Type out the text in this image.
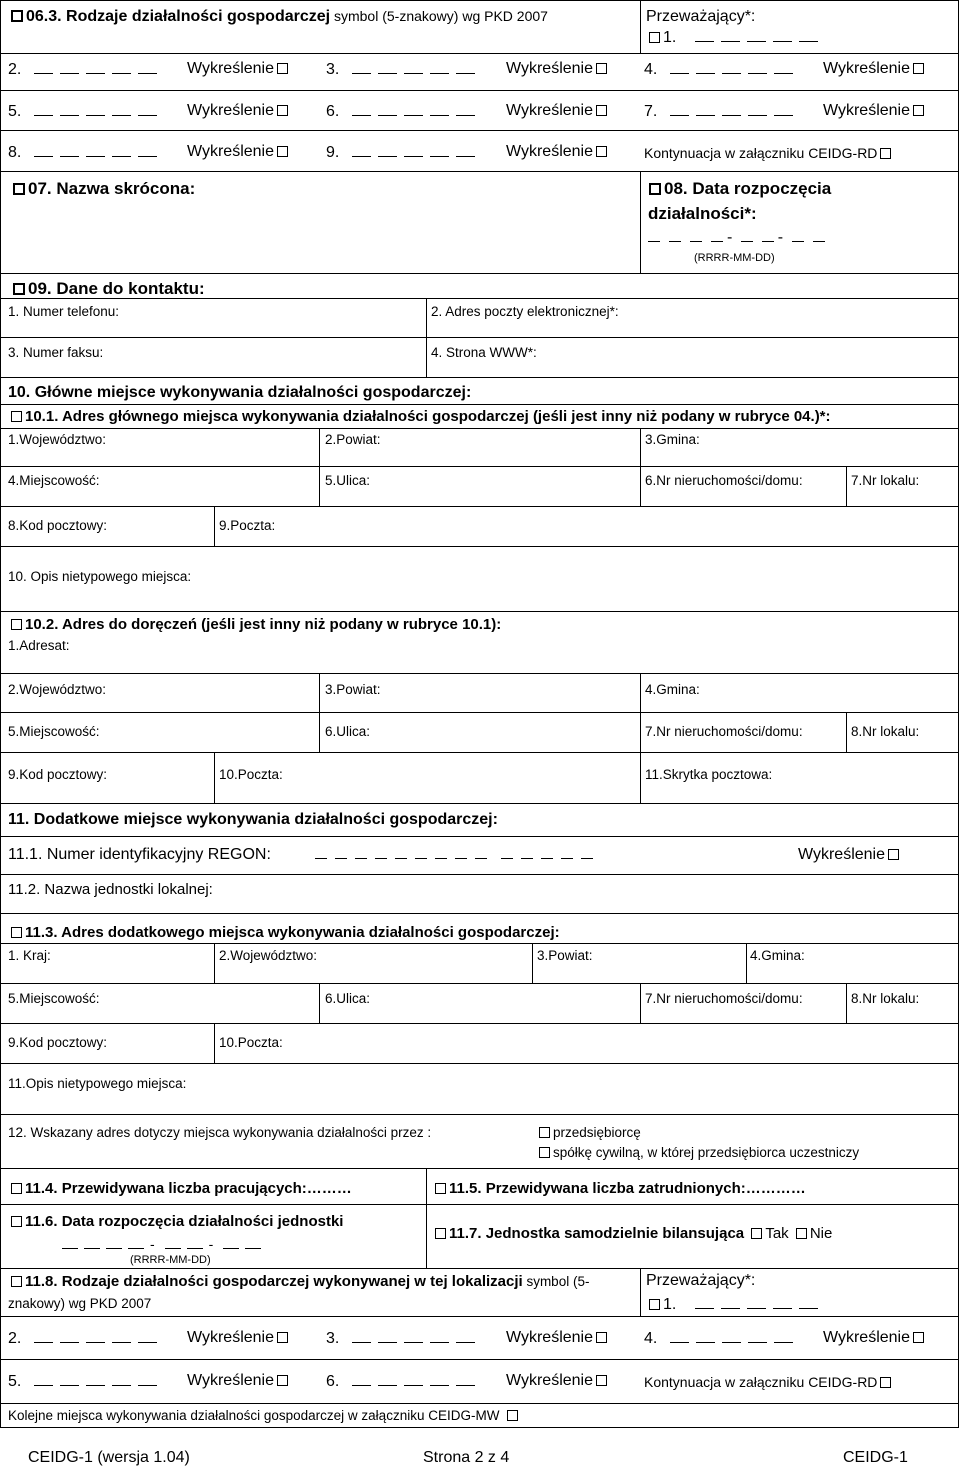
06.3. Rodzaje działalności gospodarczej symbol (5-znakowy) wg PKD 2007	Przeważający*:
1.
2.	Wykreślenie	3.	Wykreślenie	4.	Wykreślenie
5.	Wykreślenie	6.	Wykreślenie	7.	Wykreślenie
8.	Wykreślenie	9.	Wykreślenie	Kontynuacja w załączniku CEIDG-RD
07. Nazwa skrócona:	08. Data rozpoczęcia
działalności*:
-	-
(RRRR-MM-DD)
09. Dane do kontaktu:
1. Numer telefonu:	2. Adres poczty elektronicznej*:
3. Numer faksu:	4. Strona WWW*:
10. Główne miejsce wykonywania działalności gospodarczej:
10.1. Adres głównego miejsca wykonywania działalności gospodarczej (jeśli jest inny niż podany w rubryce 04.)*:
1.Województwo:	2.Powiat:	3.Gmina:
4.Miejscowość:	5.Ulica:	6.Nr nieruchomości/domu:	7.Nr lokalu:
8.Kod pocztowy:	9.Poczta:
10. Opis nietypowego miejsca:
10.2. Adres do doręczeń (jeśli jest inny niż podany w rubryce 10.1):
1.Adresat:
2.Województwo:	3.Powiat:	4.Gmina:
5.Miejscowość:	6.Ulica:	7.Nr nieruchomości/domu:	8.Nr lokalu:
9.Kod pocztowy:	10.Poczta:	11.Skrytka pocztowa:
11. Dodatkowe miejsce wykonywania działalności gospodarczej:
11.1. Numer identyfikacyjny REGON:	Wykreślenie
11.2. Nazwa jednostki lokalnej:
11.3. Adres dodatkowego miejsca wykonywania działalności gospodarczej:
1. Kraj:	2.Województwo:	3.Powiat:	4.Gmina:
5.Miejscowość:	6.Ulica:	7.Nr nieruchomości/domu:	8.Nr lokalu:
9.Kod pocztowy:	10.Poczta:
11.Opis nietypowego miejsca:
12. Wskazany adres dotyczy miejsca wykonywania działalności przez :	przedsiębiorcę
spółkę cywilną, w której przedsiębiorca uczestniczy
11.4. Przewidywana liczba pracujących:………	11.5. Przewidywana liczba zatrudnionych:…………
11.6. Data rozpoczęcia działalności jednostki
-	-
(RRRR-MM-DD)
11.7. Jednostka samodzielnie bilansująca Tak Nie
11.8. Rodzaje działalności gospodarczej wykonywanej w tej lokalizacji symbol (5-
znakowy) wg PKD 2007
Przeważający*:
1.
2.	Wykreślenie	3.	Wykreślenie	4.	Wykreślenie
5.	Wykreślenie	6.	Wykreślenie	Kontynuacja w załączniku CEIDG-RD
Kolejne miejsca wykonywania działalności gospodarczej w załączniku CEIDG-MW
CEIDG-1 (wersja 1.04)	Strona 2 z 4	CEIDG-1
